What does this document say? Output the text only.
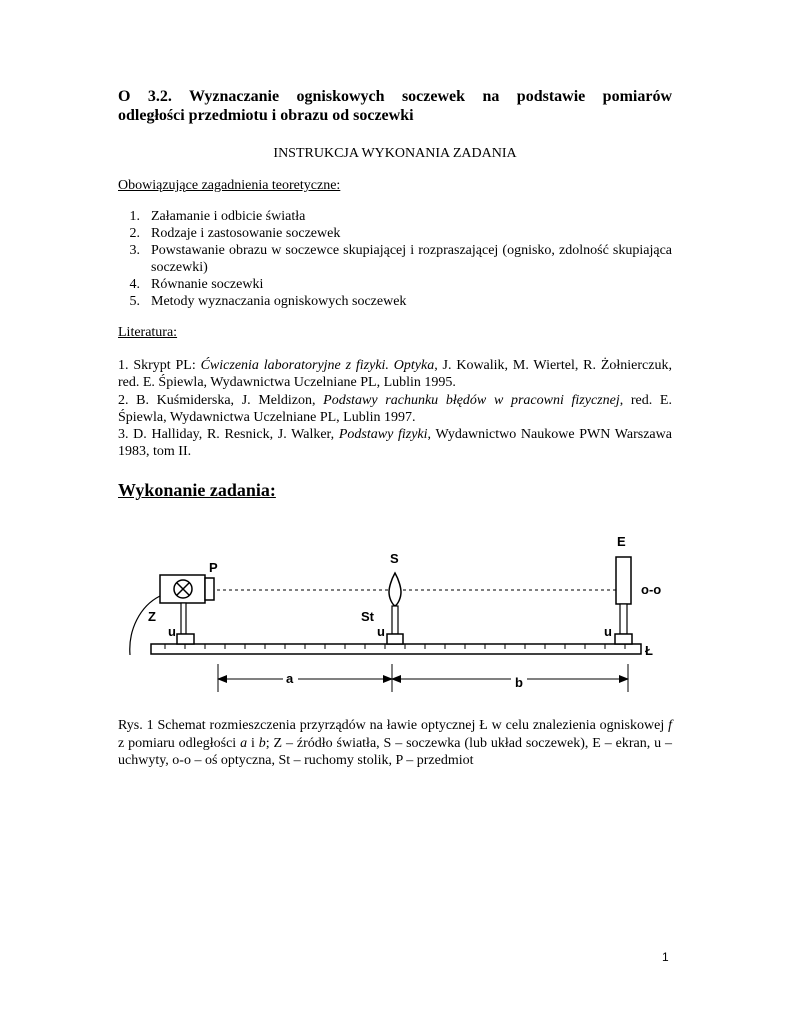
O 3.2. Wyznaczanie ogniskowych soczewek na podstawie pomiarów
odległości przedmiotu i obrazu od soczewki
INSTRUKCJA WYKONANIA ZADANIA
Obowiązujące zagadnienia teoretyczne:
1. Załamanie i odbicie światła
2. Rodzaje i zastosowanie soczewek
3. Powstawanie obrazu w soczewce skupiającej i rozpraszającej (ognisko, zdolność skupiająca soczewki)
4. Równanie soczewki
5. Metody wyznaczania ogniskowych soczewek
Literatura:

1. Skrypt PL: Ćwiczenia laboratoryjne z fizyki. Optyka, J. Kowalik, M. Wiertel, R. Żołnierczuk, red. E. Śpiewla, Wydawnictwa Uczelniane PL, Lublin 1995.

2. B. Kuśmiderska, J. Meldizon, Podstawy rachunku błędów w pracowni fizycznej, red. E. Śpiewla, Wydawnictwa Uczelniane PL, Lublin 1997.

3. D. Halliday, R. Resnick, J. Walker, Podstawy fizyki, Wydawnictwo Naukowe PWN Warszawa 1983, tom II.

Wykonanie zadania:
P
Z
u
S
St
u
E
o-o
u
Ł
a	b
Rys. 1 Schemat rozmieszczenia przyrządów na ławie optycznej Ł w celu znalezienia ogniskowej f z pomiaru odległości a i b; Z – źródło światła, S – soczewka (lub układ soczewek), E – ekran, u – uchwyty, o-o – oś optyczna, St – ruchomy stolik, P – przedmiot
1
